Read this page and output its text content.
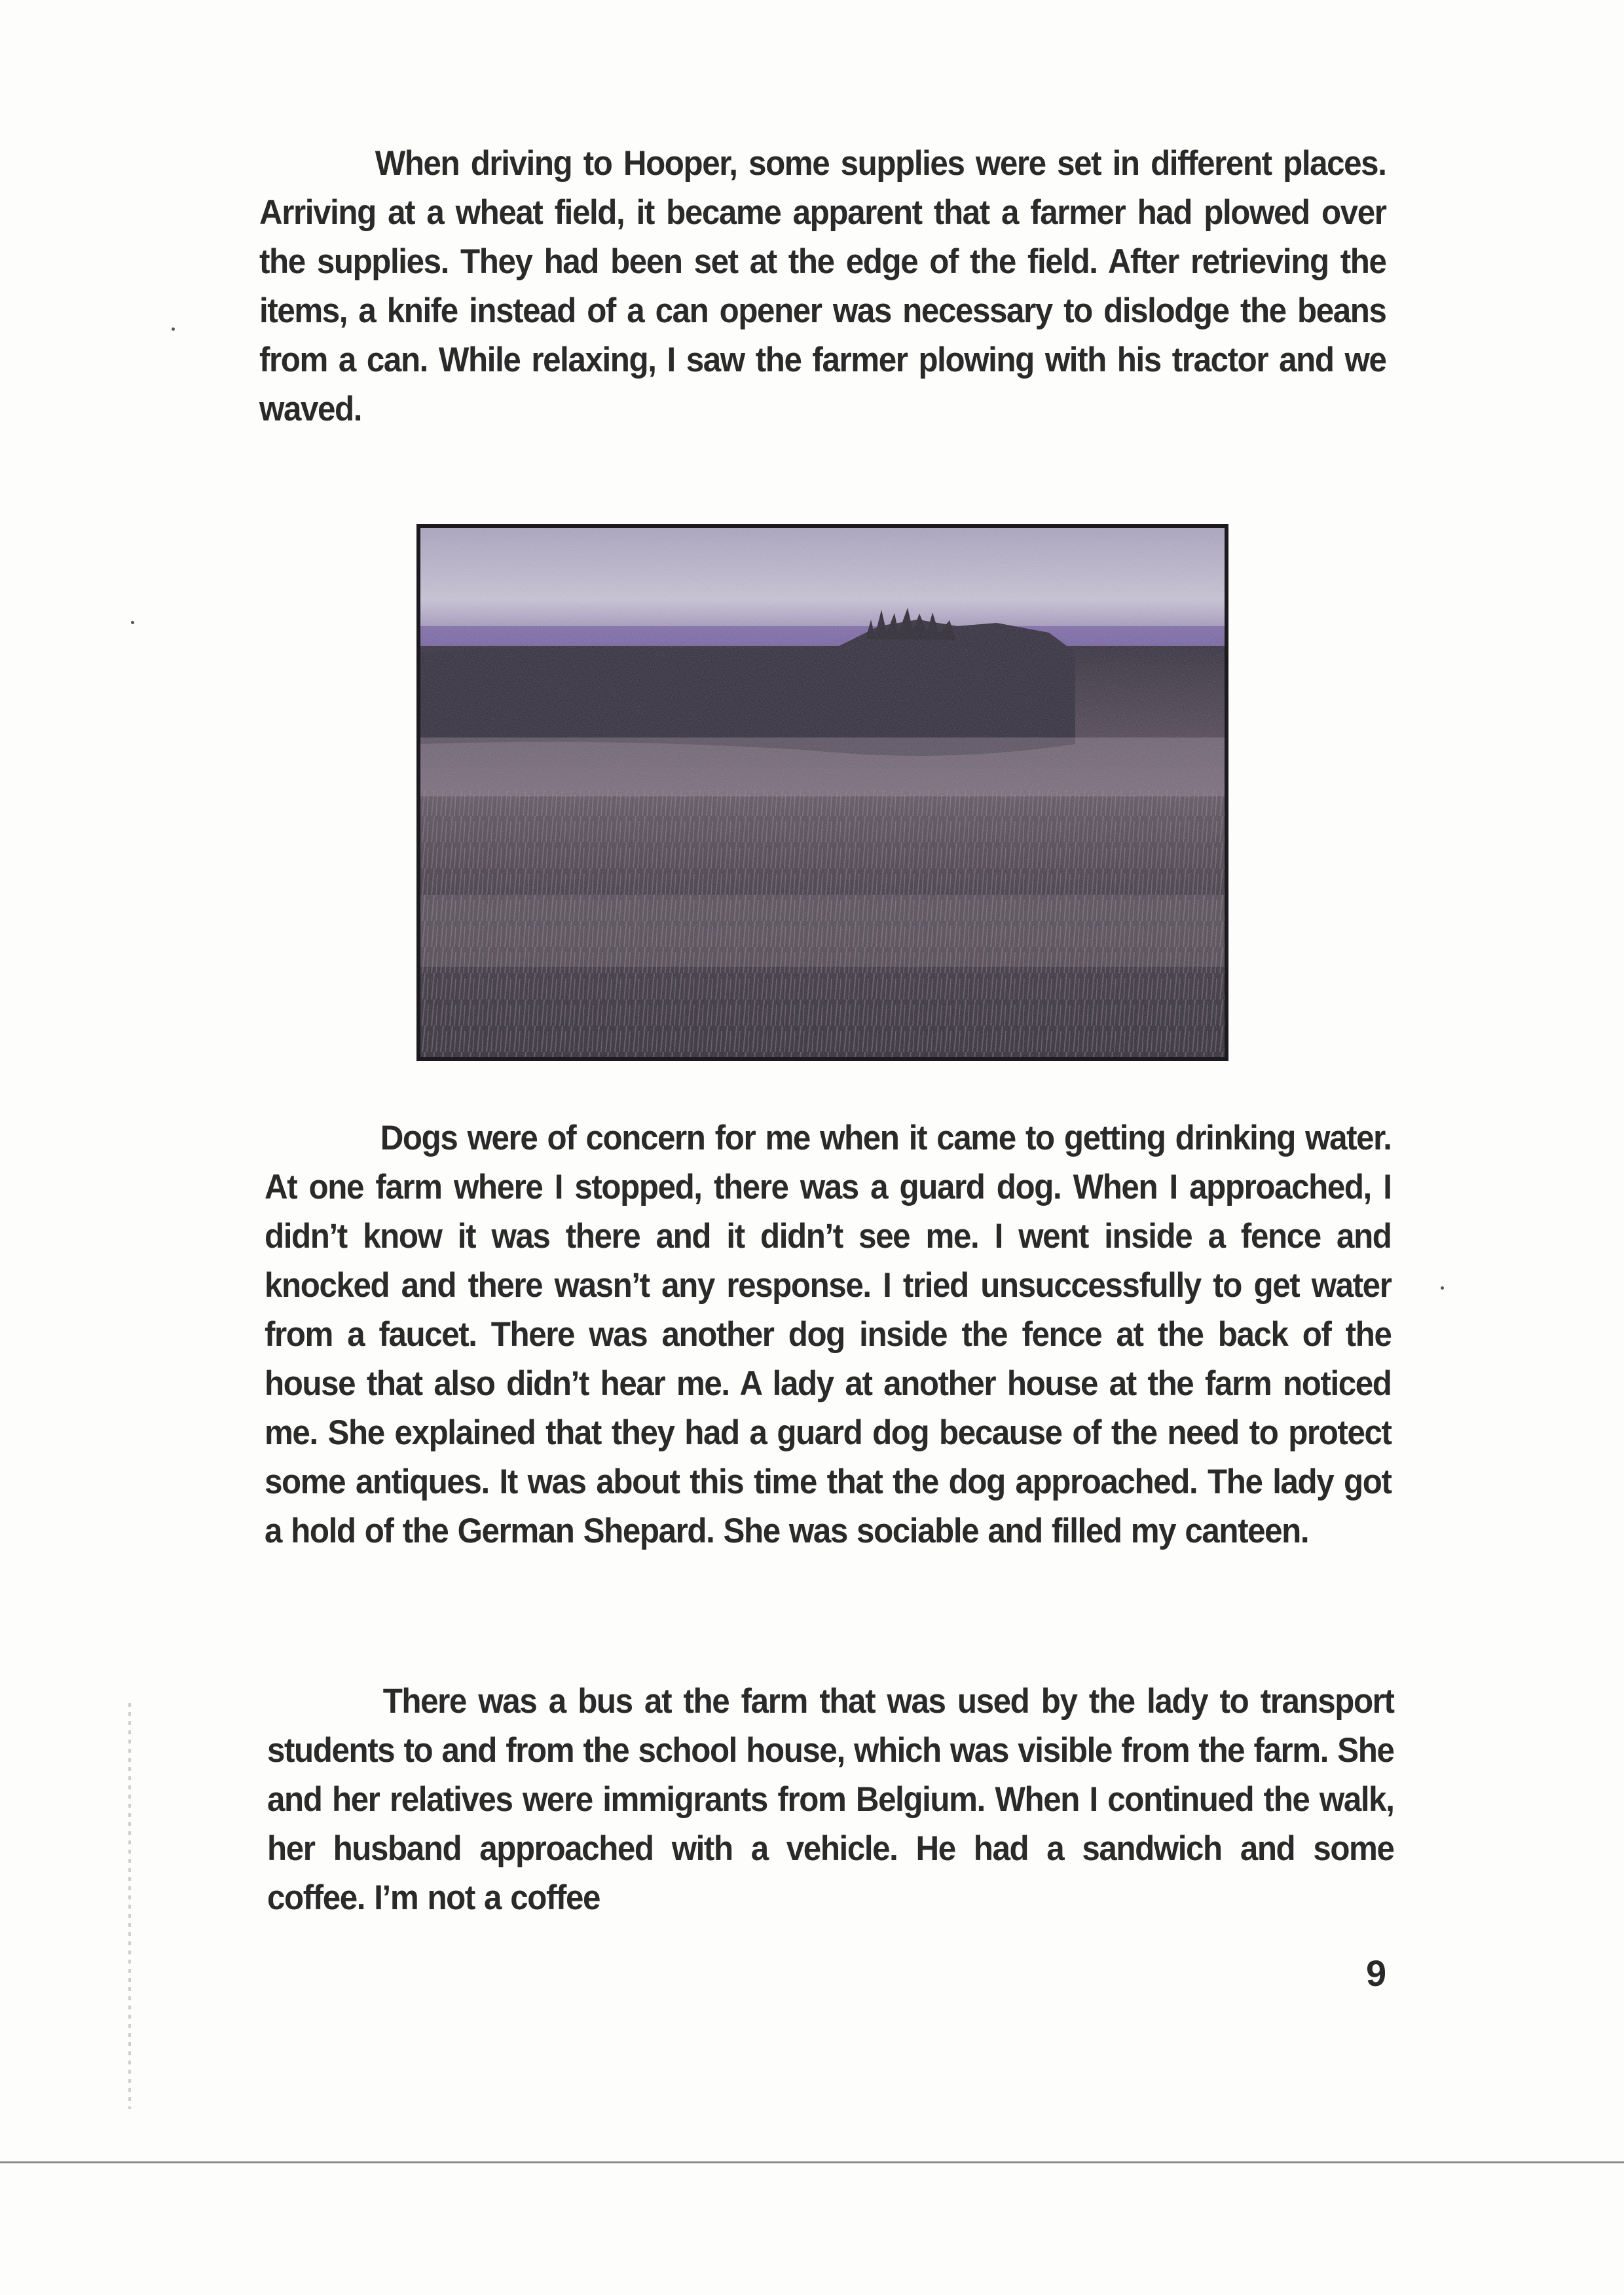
When driving to Hooper, some supplies were set in different places. Arriving at a wheat field, it became apparent that a farmer had plowed over the supplies. They had been set at the edge of the field. After retrieving the items, a knife instead of a can opener was necessary to dislodge the beans from a can. While relaxing, I saw the farmer plowing with his tractor and we waved.

Dogs were of concern for me when it came to getting drinking water. At one farm where I stopped, there was a guard dog. When I approached, I didn’t know it was there and it didn’t see me. I went inside a fence and knocked and there wasn’t any response. I tried unsuccessfully to get water from a faucet. There was another dog inside the fence at the back of the house that also didn’t hear me. A lady at another house at the farm noticed me. She explained that they had a guard dog because of the need to protect some antiques. It was about this time that the dog approached. The lady got a hold of the German Shepard. She was sociable and filled my canteen.

There was a bus at the farm that was used by the lady to transport students to and from the school house, which was visible from the farm. She and her relatives were immigrants from Belgium. When I continued the walk, her husband approached with a vehicle. He had a sandwich and some coffee. I’m not a coffee

9
